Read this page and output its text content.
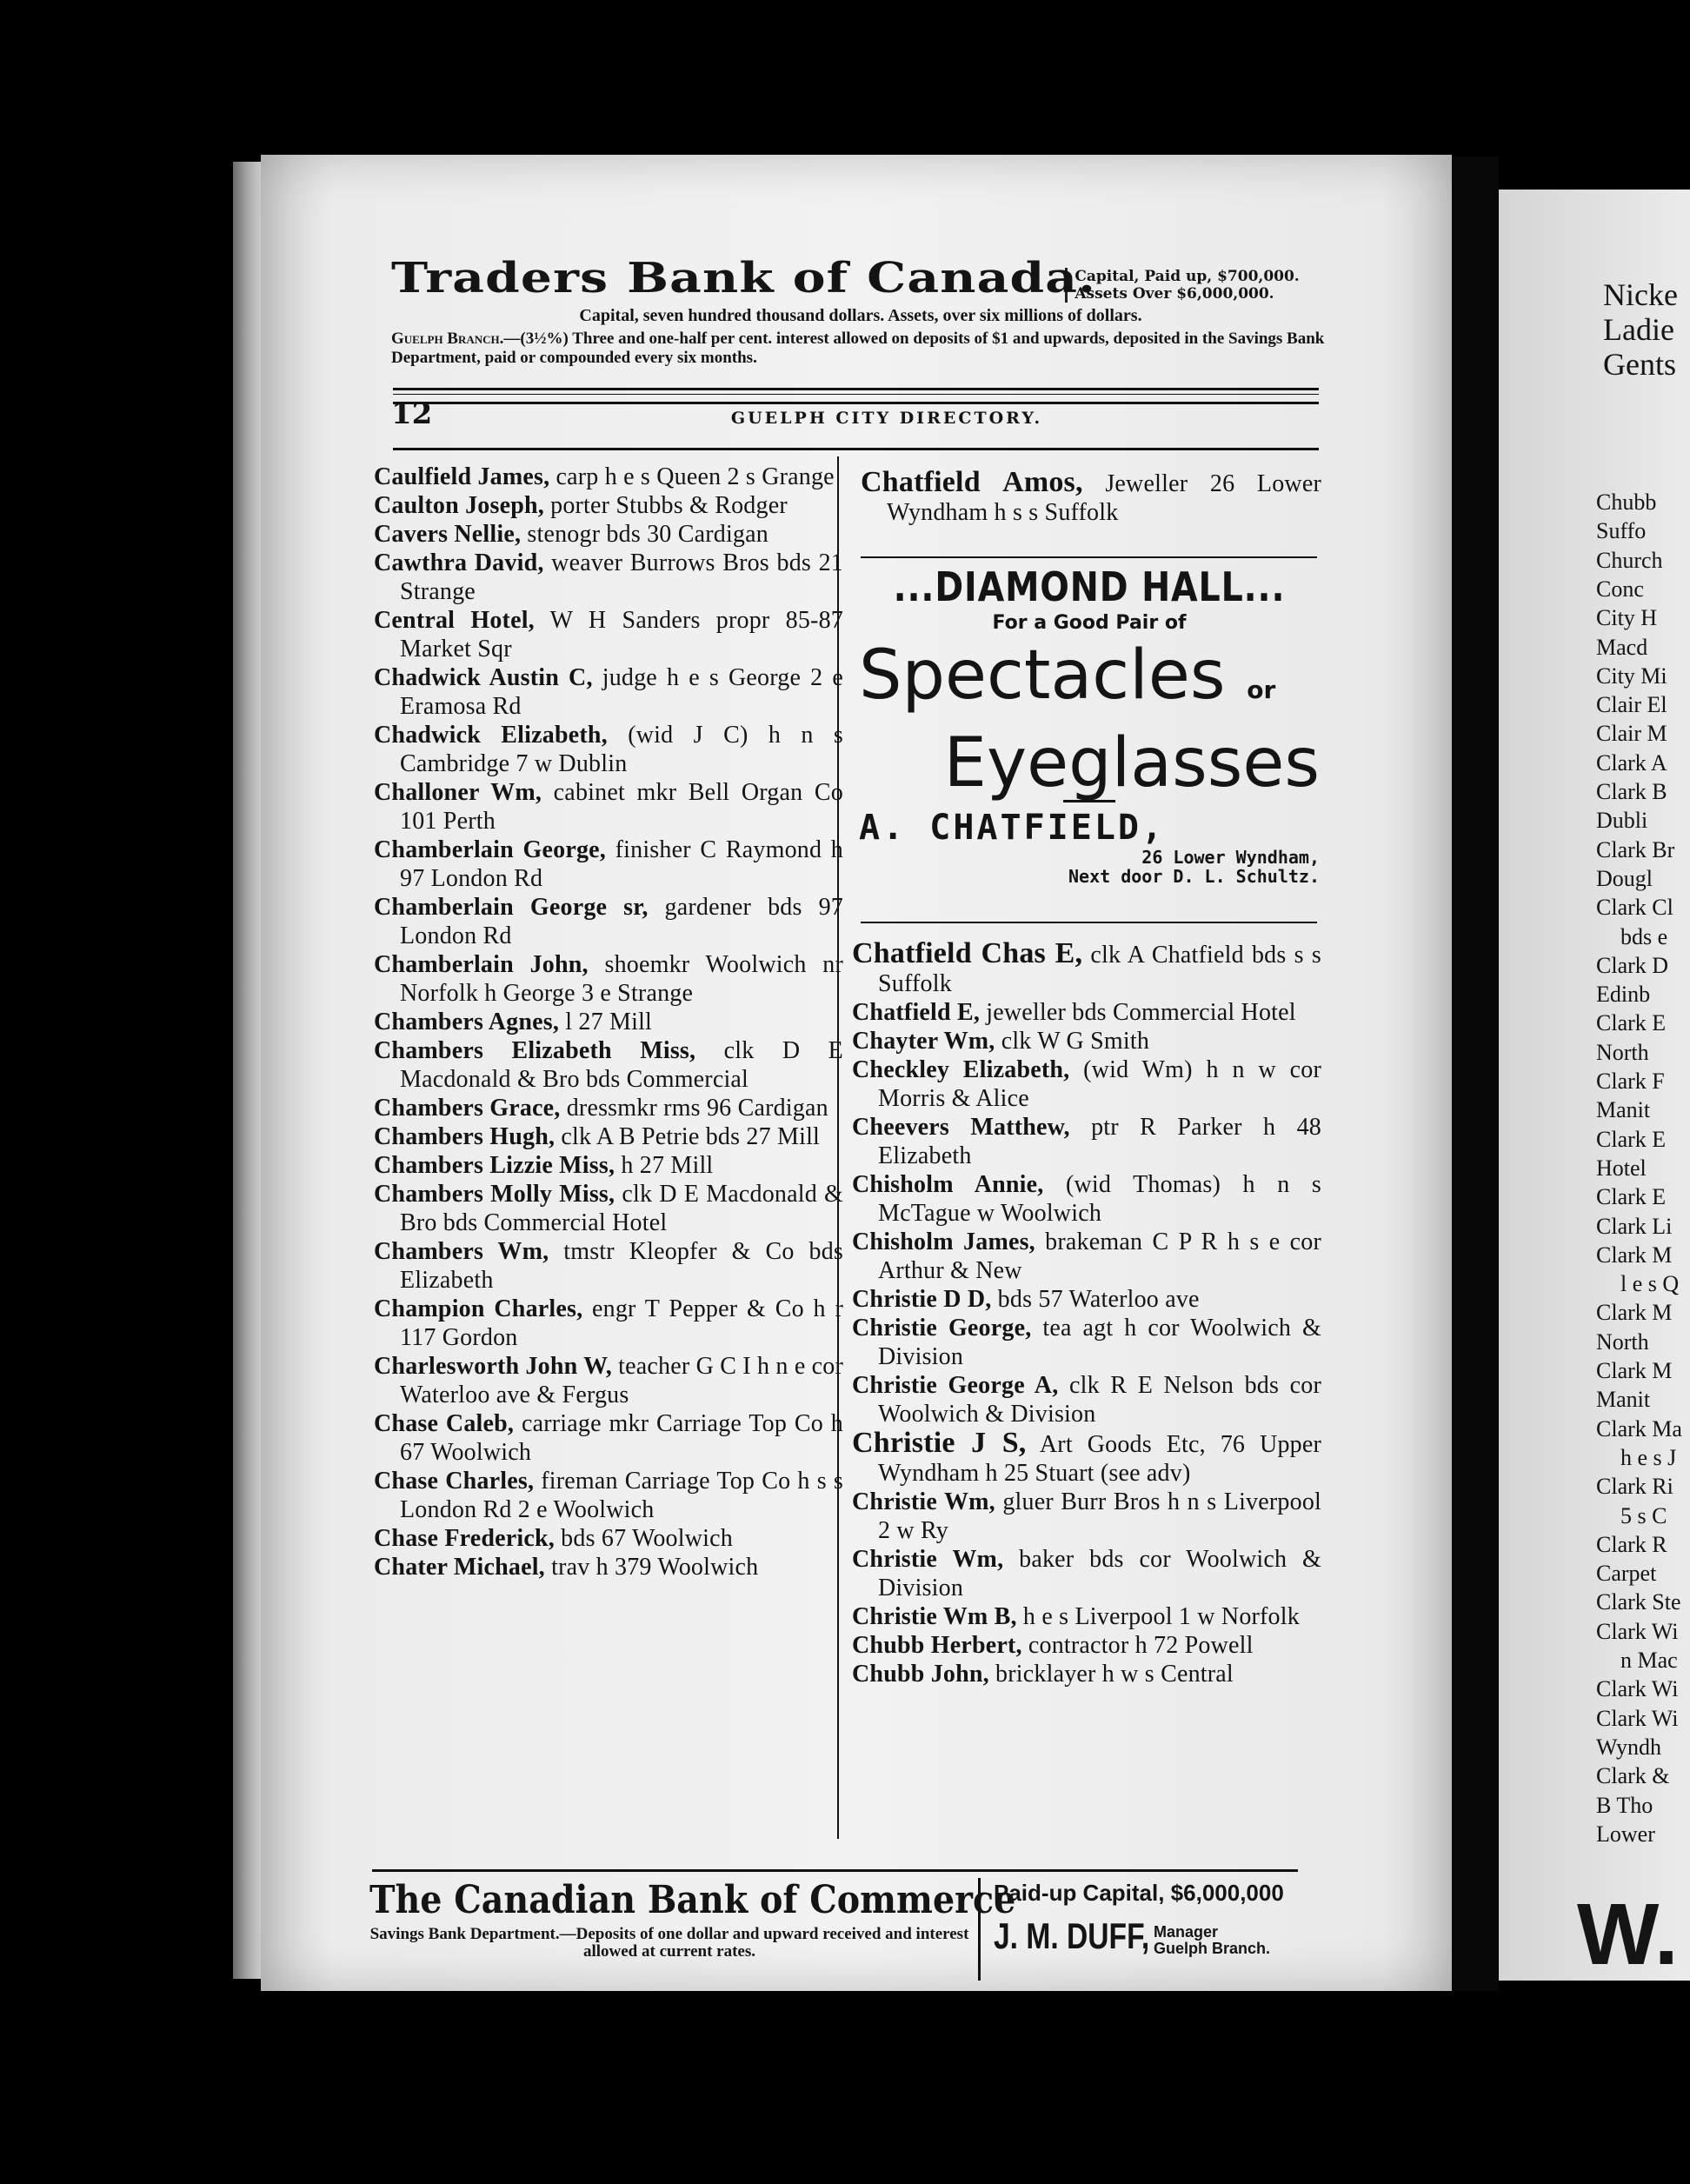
Nicke
Ladie
Gents
Chubb
Suffo
Church
Conc
City H
Macd
City Mi
Clair El
Clair M
Clark A
Clark B
Dubli
Clark Br
Dougl
Clark Cl
bds e
Clark D
Edinb
Clark E
North
Clark F
Manit
Clark E
Hotel
Clark E
Clark Li
Clark M
l e s Q
Clark M
North
Clark M
Manit
Clark Ma
h e s J
Clark Ri
5 s C
Clark R
Carpet
Clark Ste
Clark Wi
n Mac
Clark Wi
Clark Wi
Wyndh
Clark &
B Tho
Lower
W.
Traders Bank of Canada.
Capital, Paid up, $700,000.
Assets Over $6,000,000.
Capital, seven hundred thousand dollars. Assets, over six millions of dollars.
Guelph Branch.—(3½%) Three and one-half per cent. interest allowed on deposits of $1 and upwards, deposited in the Savings Bank Department, paid or compounded every six months.
12	GUELPH CITY DIRECTORY.

Caulfield James, carp h e s Queen 2 s Grange

Caulton Joseph, porter Stubbs & Rodger

Cavers Nellie, stenogr bds 30 Cardigan

Cawthra David, weaver Burrows Bros bds 21 Strange

Central Hotel, W H Sanders propr 85-87 Market Sqr

Chadwick Austin C, judge h e s George 2 e Eramosa Rd

Chadwick Elizabeth, (wid J C) h n s Cambridge 7 w Dublin

Challoner Wm, cabinet mkr Bell Organ Co 101 Perth

Chamberlain George, finisher C Raymond h 97 London Rd

Chamberlain George sr, gardener bds 97 London Rd

Chamberlain John, shoemkr Woolwich nr Norfolk h George 3 e Strange

Chambers Agnes, l 27 Mill

Chambers Elizabeth Miss, clk D E Macdonald & Bro bds Commercial

Chambers Grace, dressmkr rms 96 Cardigan

Chambers Hugh, clk A B Petrie bds 27 Mill

Chambers Lizzie Miss, h 27 Mill

Chambers Molly Miss, clk D E Macdonald & Bro bds Commercial Hotel

Chambers Wm, tmstr Kleopfer & Co bds Elizabeth

Champion Charles, engr T Pepper & Co h r 117 Gordon

Charlesworth John W, teacher G C I h n e cor Waterloo ave & Fergus

Chase Caleb, carriage mkr Carriage Top Co h 67 Woolwich

Chase Charles, fireman Carriage Top Co h s s London Rd 2 e Woolwich

Chase Frederick, bds 67 Woolwich

Chater Michael, trav h 379 Woolwich

Chatfield Amos, Jeweller 26 Lower Wyndham h s s Suffolk

...DIAMOND HALL...
For a Good Pair of
Spectacles or
Eyeglasses
A. CHATFIELD,
26 Lower Wyndham,
Next door D. L. Schultz.

Chatfield Chas E, clk A Chatfield bds s s Suffolk

Chatfield E, jeweller bds Commercial Hotel

Chayter Wm, clk W G Smith

Checkley Elizabeth, (wid Wm) h n w cor Morris & Alice

Cheevers Matthew, ptr R Parker h 48 Elizabeth

Chisholm Annie, (wid Thomas) h n s McTague w Woolwich

Chisholm James, brakeman C P R h s e cor Arthur & New

Christie D D, bds 57 Waterloo ave

Christie George, tea agt h cor Woolwich & Division

Christie George A, clk R E Nelson bds cor Woolwich & Division

Christie J S, Art Goods Etc, 76 Upper Wyndham h 25 Stuart (see adv)

Christie Wm, gluer Burr Bros h n s Liverpool 2 w Ry

Christie Wm, baker bds cor Woolwich & Division

Christie Wm B, h e s Liverpool 1 w Norfolk

Chubb Herbert, contractor h 72 Powell

Chubb John, bricklayer h w s Central

The Canadian Bank of Commerce
Savings Bank Department.—Deposits of one dollar and upward received and interest allowed at current rates.
Paid-up Capital, $6,000,000
J. M. DUFF, Manager
Guelph Branch.
